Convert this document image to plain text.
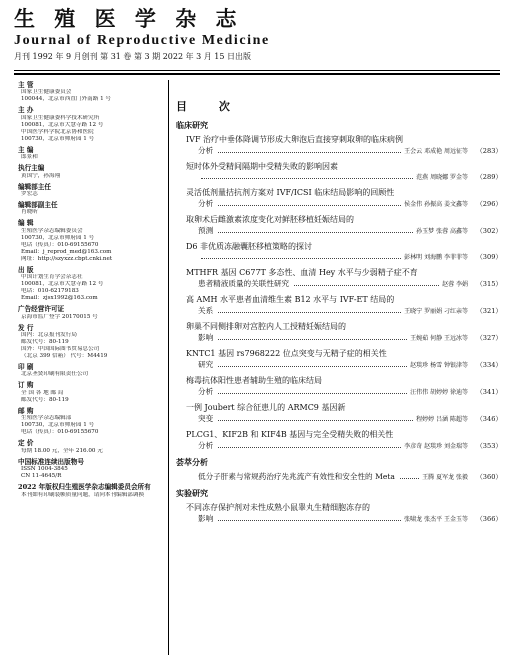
生 殖 医 学 杂 志
Journal of Reproductive Medicine
月刊 1992 年 9 月创刊 第 31 卷 第 3 期 2022 年 3 月 15 日出版
主 管
国家卫生健康委员会
100044，北京市西直门外南路 1 号
主 办
国家卫生健康委科学技术研究所
100081，北京市大慧寺路 12 号
中国医学科学院北京协和医院
100730，北京市帅府园 1 号
主 编
郎景和
执行主编
黄国宁，孙海翔
编辑部主任
罗宏志
编辑部副主任
肖晓昕
编 辑
生殖医学杂志编辑委员会
100730，北京市帅府园 1 号
电话（传真）：010-69155670
Email：j_reprod_med@163.com
网址：http://szyxzz.cbpt.cnki.net
出 版
中国计划生育学会杂志社
100081，北京市大慧寺路 12 号
电话：010-62179183
Email：zjsx1992@163.com
广告经营许可证
京海市监广登字 20170015 号
发 行
国内：北京报刊发行局
邮发代号：80-119
国外：中国国际图书贸易总公司
（北京 399 信箱） 代号：M4419
印 刷
北京圣贤印刷有限责任公司
订 购
全 国 各 地 邮 局
邮发代号：80-119
邮 购
生殖医学杂志编辑部
100730，北京市帅府园 1 号
电话（传真）：010-69155670
定 价
每期 18.00 元，全年 216.00 元
中国标准连续出版物号
ISSN 1004-3845
CN 11-4645/R
2022 年版权归生殖医学杂志编辑委员会所有
本刊如有印刷装帧质量问题，请向本刊编辑部调换
目 次
临床研究
IVF 治疗中垂体降调节形成大卵泡后直接穿刺取卵的临床病例
分析	王会云 邓成艳 周远征等	（283）
短时体外受精间隔期中受精失败的影响因素
范燕 周晓娜 罗金等	（289）
灵活低剂量拮抗剂方案对 IVF/ICSI 临床结局影响的回顾性
分析	侯金伟 孙振高 姜文鑫等	（296）
取卵术后雌激素浓度变化对鲜胚移植妊娠结局的
预测	孙玉梦 张蓉 高鑫等	（302）
D6 非优质冻融囊胚移植策略的探讨
彭林明 刘海鹏 李菲菲等	（309）
MTHFR 基因 C677T 多态性、血清 Hey 水平与少弱精子症不育
患者精液质量的关联性研究	赵蓉 李娟	（315）
高 AMH 水平患者血清维生素 B12 水平与 IVF-ET 结局的
关系	王晓宁 罗丽娟 刁红亲等	（321）
卵巢不同侧排卵对宫腔内人工授精妊娠结局的
影响	王婉茹 何静 王远冰等	（327）
KNTC1 基因 rs7968222 位点突变与无精子症的相关性
研究	赵琰珍 杨雪 钟银津等	（334）
梅毒抗体阳性患者辅助生殖的临床结局
分析	汪伟伟 胡婷婷 徐迪等	（341）
一例 Joubert 综合征患儿的 ARMC9 基因新
突变	程婷婷 吕涵 陈超等	（346）
PLCG1、KIF2B 和 KIF4B 基因与完全受精失败的相关性
分析	李彦奇 赵琰珍 刘金瑞等	（353）
荟萃分析
低分子肝素与常规药治疗先兆流产有效性和安全性的 Meta	王腾 夏军龙 张毅	（360）
实验研究
不同冻存保护剂对未性成熟小鼠睾丸生精细胞冻存的
影响	张啸龙 张杰平 王金玉等	（366）
